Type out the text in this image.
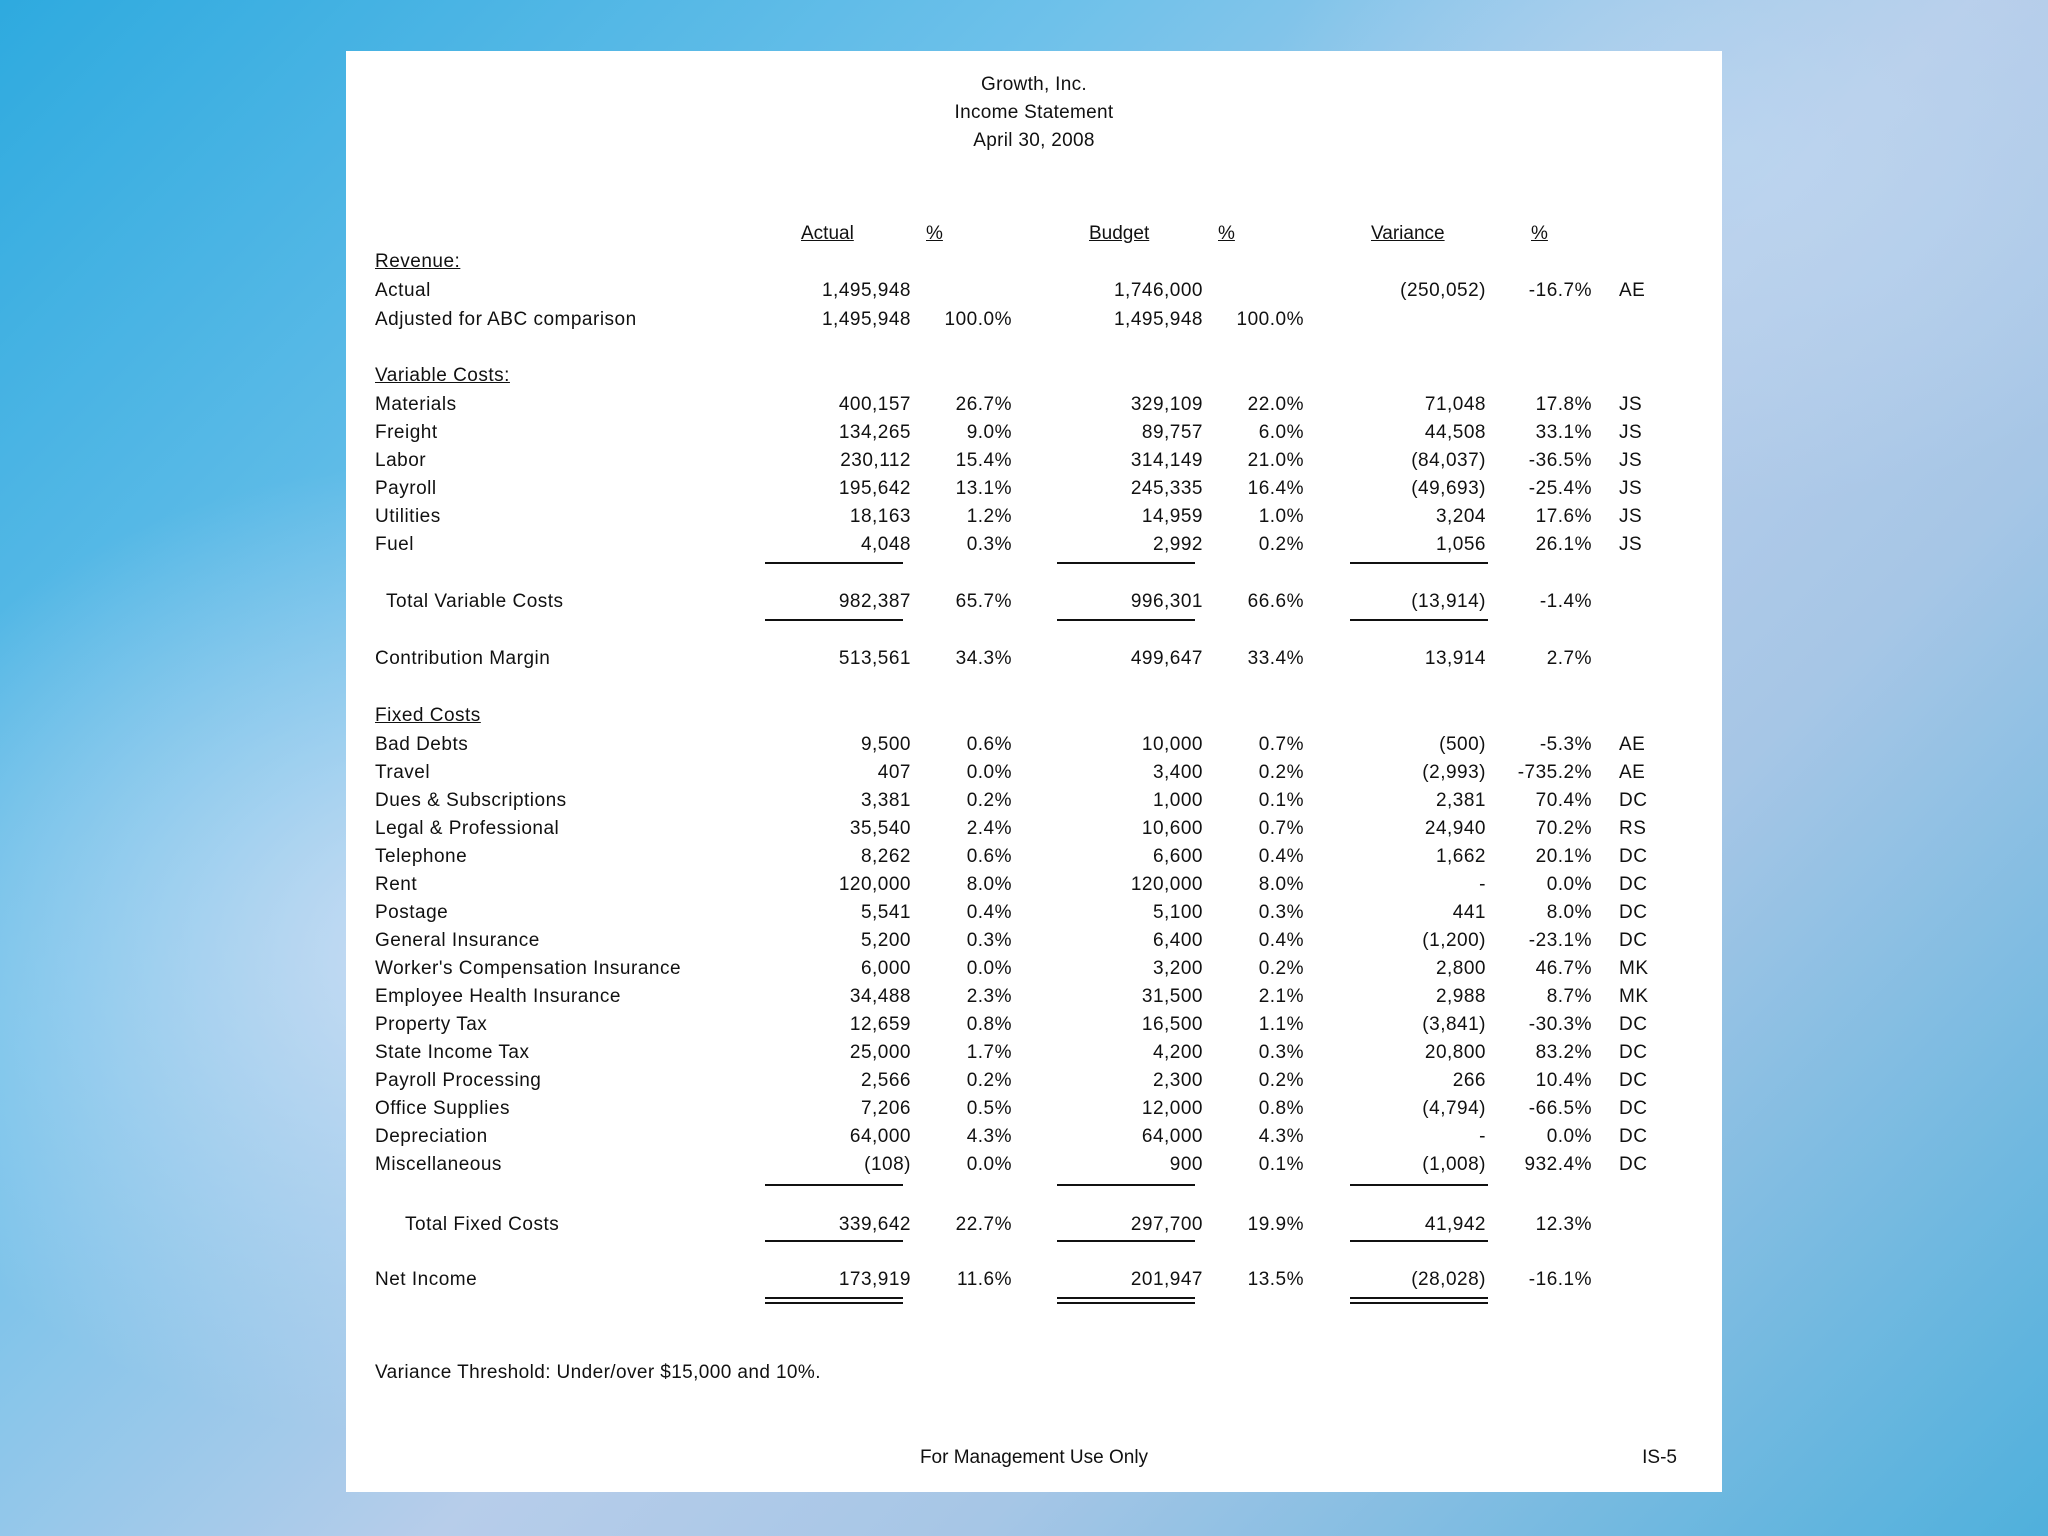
Growth, Inc.
Income Statement
April 30, 2008
Actual	%	Budget	%	Variance	%
Revenue:
Actual	1,495,948	1,746,000	(250,052) -16.7% AE
Adjusted for ABC comparison	1,495,948 100.0%	1,495,948 100.0%
Variable Costs:
Materials	400,157 26.7%	329,109 22.0%	71,048	17.8% JS
Freight	134,265	9.0%	89,757	6.0%	44,508	33.1% JS
Labor	230,112 15.4%	314,149 21.0%	(84,037) -36.5% JS
Payroll	195,642 13.1%	245,335 16.4%	(49,693) -25.4% JS
Utilities	18,163	1.2%	14,959	1.0%	3,204	17.6% JS
Fuel	4,048	0.3%	2,992	0.2%	1,056	26.1% JS
Total Variable Costs	982,387 65.7%	996,301 66.6%	(13,914)	-1.4%
Contribution Margin	513,561 34.3%	499,647 33.4%	13,914	2.7%
Fixed Costs
Bad Debts	9,500	0.6%	10,000	0.7%	(500)	-5.3% AE
Travel	407	0.0%	3,400	0.2%	(2,993) -735.2% AE
Dues & Subscriptions	3,381	0.2%	1,000	0.1%	2,381	70.4% DC
Legal & Professional	35,540	2.4%	10,600	0.7%	24,940	70.2% RS
Telephone	8,262	0.6%	6,600	0.4%	1,662	20.1% DC
Rent	120,000	8.0%	120,000	8.0%	-	0.0% DC
Postage	5,541	0.4%	5,100	0.3%	441	8.0% DC
General Insurance	5,200	0.3%	6,400	0.4%	(1,200) -23.1% DC
Worker's Compensation Insurance	6,000	0.0%	3,200	0.2%	2,800	46.7% MK
Employee Health Insurance	34,488	2.3%	31,500	2.1%	2,988	8.7% MK
Property Tax	12,659	0.8%	16,500	1.1%	(3,841) -30.3% DC
State Income Tax	25,000	1.7%	4,200	0.3%	20,800	83.2% DC
Payroll Processing	2,566	0.2%	2,300	0.2%	266	10.4% DC
Office Supplies	7,206	0.5%	12,000	0.8%	(4,794) -66.5% DC
Depreciation	64,000	4.3%	64,000	4.3%	-	0.0% DC
Miscellaneous	(108)	0.0%	900	0.1%	(1,008) 932.4% DC
Total Fixed Costs	339,642 22.7%	297,700 19.9%	41,942	12.3%
Net Income	173,919 11.6%	201,947 13.5%	(28,028) -16.1%
Variance Threshold: Under/over $15,000 and 10%.
For Management Use Only	IS-5
